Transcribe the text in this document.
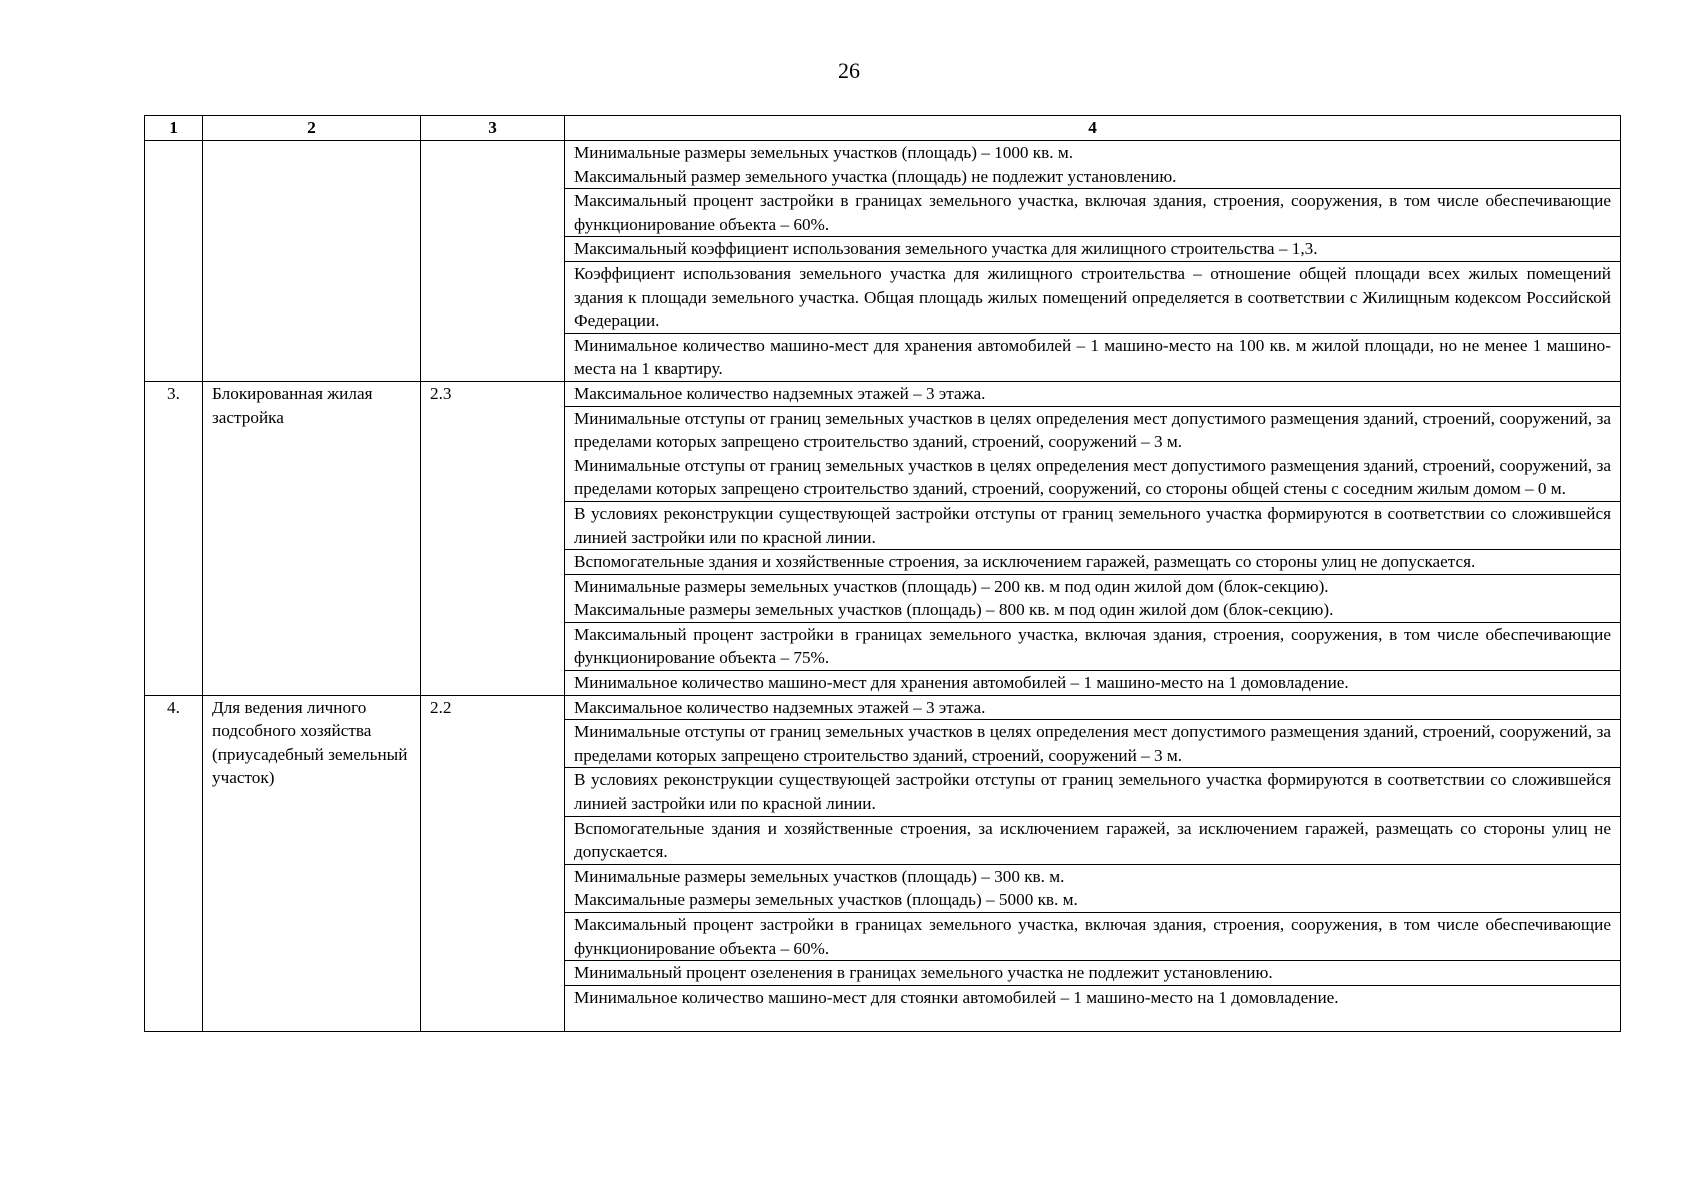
26
1	2	3	4

			Минимальные размеры земельных участков (площадь) – 1000 кв. м.
Максимальный размер земельного участка (площадь) не подлежит установлению.

			Максимальный процент застройки в границах земельного участка, включая здания, строения, сооружения, в том числе обеспечивающие функционирование объекта – 60%.

			Максимальный коэффициент использования земельного участка для жилищного строительства – 1,3.

			Коэффициент использования земельного участка для жилищного строительства – отношение общей площади всех жилых помещений здания к площади земельного участка. Общая площадь жилых помещений определяется в соответствии с Жилищным кодексом Российской Федерации.

			Минимальное количество машино-мест для хранения автомобилей – 1 машино-место на 100 кв. м жилой площади, но не менее 1 машино-места на 1 квартиру.

3.	Блокированная жилая застройка	2.3	Максимальное количество надземных этажей – 3 этажа.

			Минимальные отступы от границ земельных участков в целях определения мест допустимого размещения зданий, строений, сооружений, за пределами которых запрещено строительство зданий, строений, сооружений – 3 м.
Минимальные отступы от границ земельных участков в целях определения мест допустимого размещения зданий, строений, сооружений, за пределами которых запрещено строительство зданий, строений, сооружений, со стороны общей стены с соседним жилым домом – 0 м.

			В условиях реконструкции существующей застройки отступы от границ земельного участка формируются в соответствии со сложившейся линией застройки или по красной линии.

			Вспомогательные здания и хозяйственные строения, за исключением гаражей, размещать со стороны улиц не допускается.

			Минимальные размеры земельных участков (площадь) – 200 кв. м под один жилой дом (блок-секцию).
Максимальные размеры земельных участков (площадь) – 800 кв. м под один жилой дом (блок-секцию).

			Максимальный процент застройки в границах земельного участка, включая здания, строения, сооружения, в том числе обеспечивающие функционирование объекта – 75%.

			Минимальное количество машино-мест для хранения автомобилей – 1 машино-место на 1 домовладение.

4.	Для ведения личного подсобного хозяйства (приусадебный земельный участок)	2.2	Максимальное количество надземных этажей – 3 этажа.

			Минимальные отступы от границ земельных участков в целях определения мест допустимого размещения зданий, строений, сооружений, за пределами которых запрещено строительство зданий, строений, сооружений – 3 м.

			В условиях реконструкции существующей застройки отступы от границ земельного участка формируются в соответствии со сложившейся линией застройки или по красной линии.

			Вспомогательные здания и хозяйственные строения, за исключением гаражей, за исключением гаражей, размещать со стороны улиц не допускается.

			Минимальные размеры земельных участков (площадь) – 300 кв. м.
Максимальные размеры земельных участков (площадь) – 5000 кв. м.

			Максимальный процент застройки в границах земельного участка, включая здания, строения, сооружения, в том числе обеспечивающие функционирование объекта – 60%.

			Минимальный процент озеленения в границах земельного участка не подлежит установлению.

			Минимальное количество машино-мест для стоянки автомобилей – 1 машино-место на 1 домовладение.
